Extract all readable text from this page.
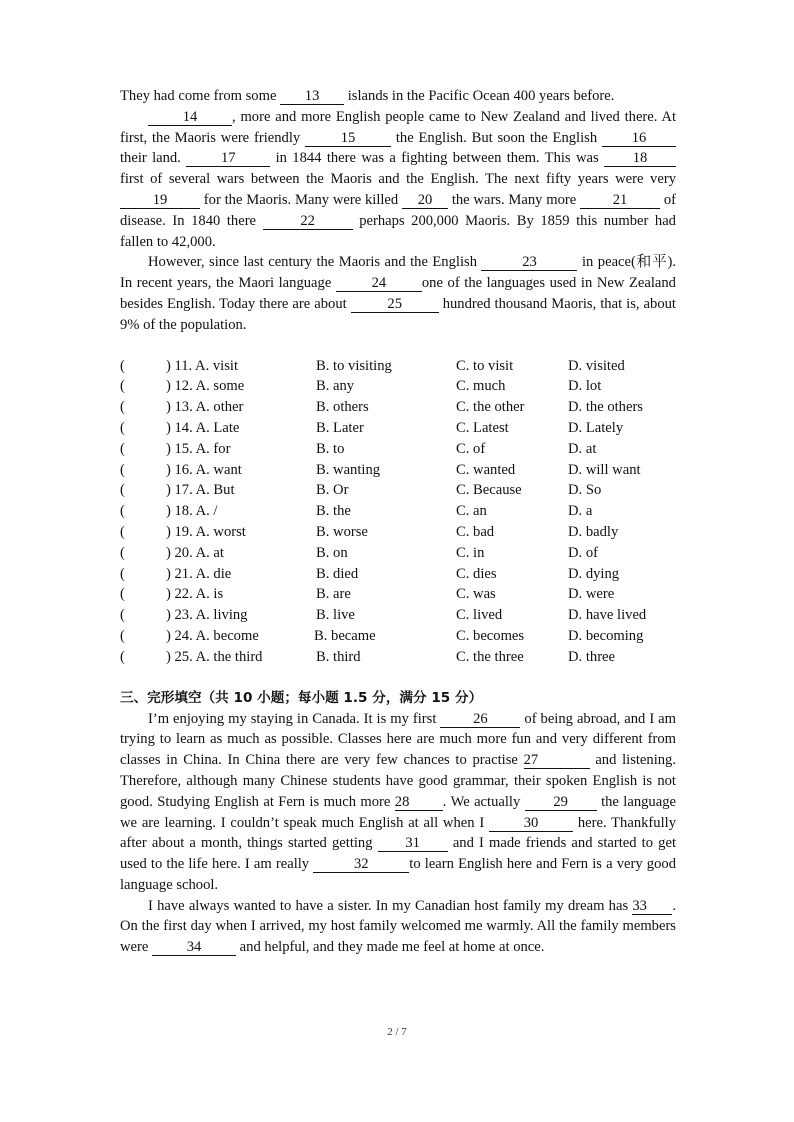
They had come from some 13 islands in the Pacific Ocean 400 years before.

14 , more and more English people came to New Zealand and lived there. At first, the Maoris were friendly	15	the English. But soon the English 16 their land.	17	in 1844 there was a fighting between them. This was 18 first of several wars between the Maoris and the English. The next fifty years were very 19	for the Maoris. Many were killed 20 the wars. Many more	21	of disease. In 1840 there	22	perhaps 200,000 Maoris. By 1859 this number had fallen to 42,000.

However, since last century the Maoris and the English	23	in peace(和平). In recent years, the Maori language	24 one of the languages used in New Zealand besides English. Today there are about	25	hundred thousand Maoris, that is, about 9% of the population.

(	) 11. A. visit	B. to visiting	C. to visit	D. visited
(	) 12. A. some	B. any	C. much	D. lot
(	) 13. A. other	B. others	C. the other	D. the others
(	) 14. A. Late	B. Later	C. Latest	D. Lately
(	) 15. A. for	B. to	C. of	D. at
(	) 16. A. want	B. wanting	C. wanted	D. will want
(	) 17. A. But	B. Or	C. Because	D. So
(	) 18. A. /	B. the	C. an	D. a
(	) 19. A. worst	B. worse	C. bad	D. badly
(	) 20. A. at	B. on	C. in	D. of
(	) 21. A. die	B. died	C. dies	D. dying
(	) 22. A. is	B. are	C. was	D. were
(	) 23. A. living	B. live	C. lived	D. have lived
(	) 24. A. become	B. became	C. becomes	D. becoming
(	) 25. A. the third	B. third	C. the three	D. three
三、完形填空（共 10 小题；每小题 1.5 分，满分 15 分）

I’m enjoying my staying in Canada. It is my first	26	of being abroad, and I am trying to learn as much as possible. Classes here are much more fun and very different from classes in China. In China there are very few chances to practise 27	and listening. Therefore, although many Chinese students have good grammar, their spoken English is not good. Studying English at Fern is much more 28 . We actually 29 the language we are learning. I couldn’t speak much English at all when I	30	here. Thankfully after about a month, things started getting 31 and I made friends and started to get used to the life here. I am really	32	to learn English here and Fern is a very good language school.

I have always wanted to have a sister. In my Canadian host family my dream has 33 . On the first day when I arrived, my host family welcomed me warmly. All the family members were	34	and helpful, and they made me feel at home at once.

2 / 7
